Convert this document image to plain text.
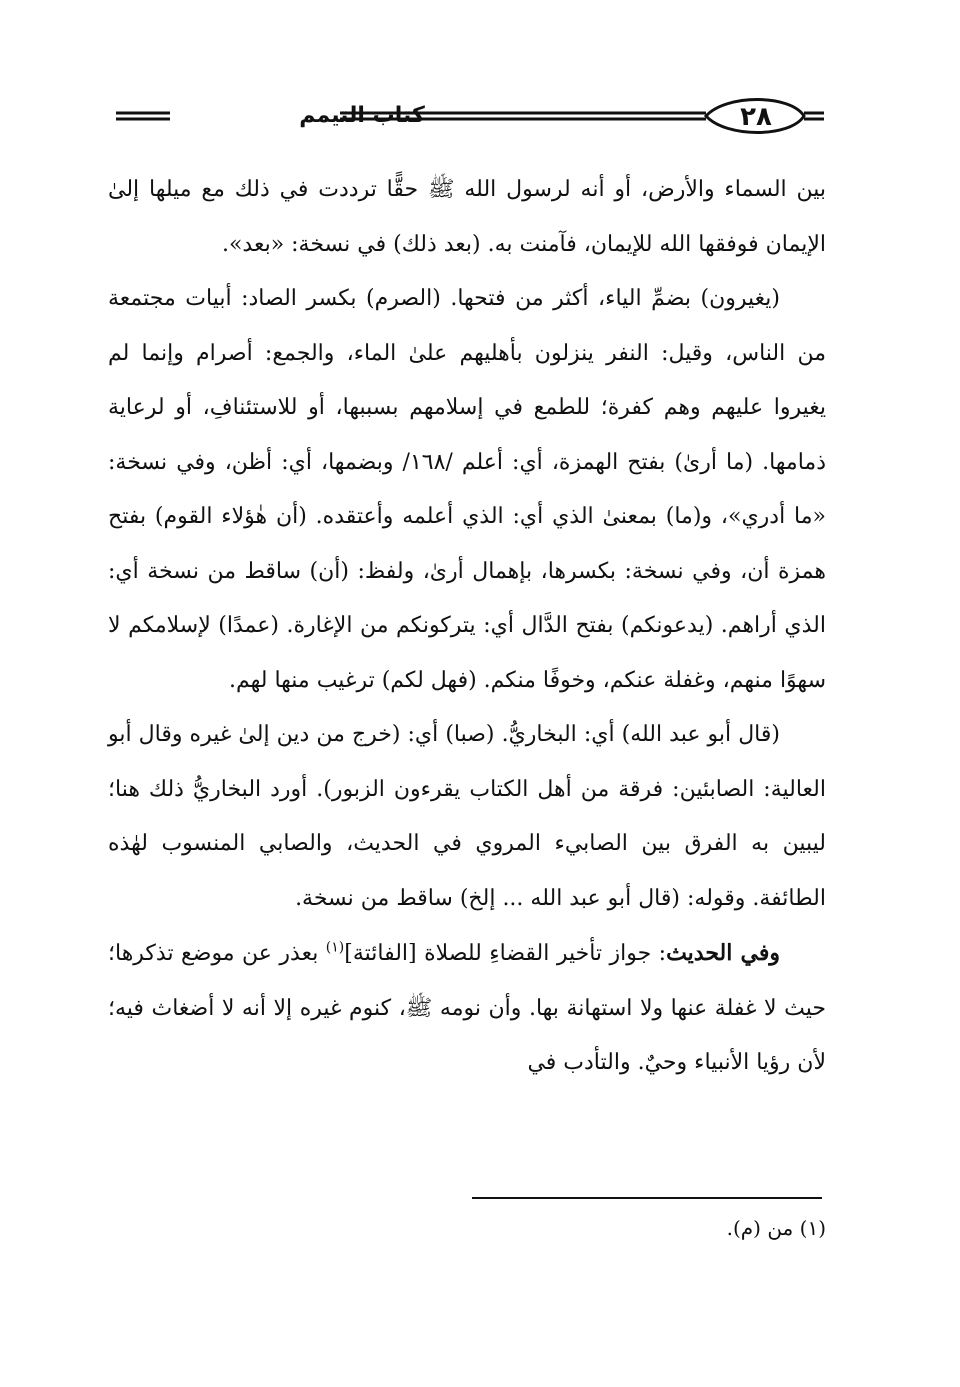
كتاب التيمم	٢٨

بين السماء والأرض، أو أنه لرسول الله ﷺ حقًّا ترددت في ذلك مع ميلها إلىٰ الإيمان فوفقها الله للإيمان، فآمنت به. (بعد ذلك) في نسخة: «بعد».

(يغيرون) بضمِّ الياء، أكثر من فتحها. (الصرم) بكسر الصاد: أبيات مجتمعة من الناس، وقيل: النفر ينزلون بأهليهم علىٰ الماء، والجمع: أصرام وإنما لم يغيروا عليهم وهم كفرة؛ للطمع في إسلامهم بسببها، أو للاستئنافِ، أو لرعاية ذمامها. (ما أرىٰ) بفتح الهمزة، أي: أعلم /١٦٨/ وبضمها، أي: أظن، وفي نسخة: «ما أدري»، و(ما) بمعنىٰ الذي أي: الذي أعلمه وأعتقده. (أن هٰؤلاء القوم) بفتح همزة أن، وفي نسخة: بكسرها، بإهمال أرىٰ، ولفظ: (أن) ساقط من نسخة أي: الذي أراهم. (يدعونكم) بفتح الدَّال أي: يتركونكم من الإغارة. (عمدًا) لإسلامكم لا سهوًا منهم، وغفلة عنكم، وخوفًا منكم. (فهل لكم) ترغيب منها لهم.

(قال أبو عبد الله) أي: البخاريُّ. (صبا) أي: (خرج من دين إلىٰ غيره وقال أبو العالية: الصابئين: فرقة من أهل الكتاب يقرءون الزبور). أورد البخاريُّ ذلك هنا؛ ليبين به الفرق بين الصابيء المروي في الحديث، والصابي المنسوب لهٰذه الطائفة. وقوله: (قال أبو عبد الله ... إلخ) ساقط من نسخة.

وفي الحديث: جواز تأخير القضاءِ للصلاة [الفائتة]$^{(١)}$ بعذر عن موضع تذكرها؛ حيث لا غفلة عنها ولا استهانة بها. وأن نومه ﷺ، كنوم غيره إلا أنه لا أضغاث فيه؛ لأن رؤيا الأنبياء وحيٌ. والتأدب في

(١) من (م).
